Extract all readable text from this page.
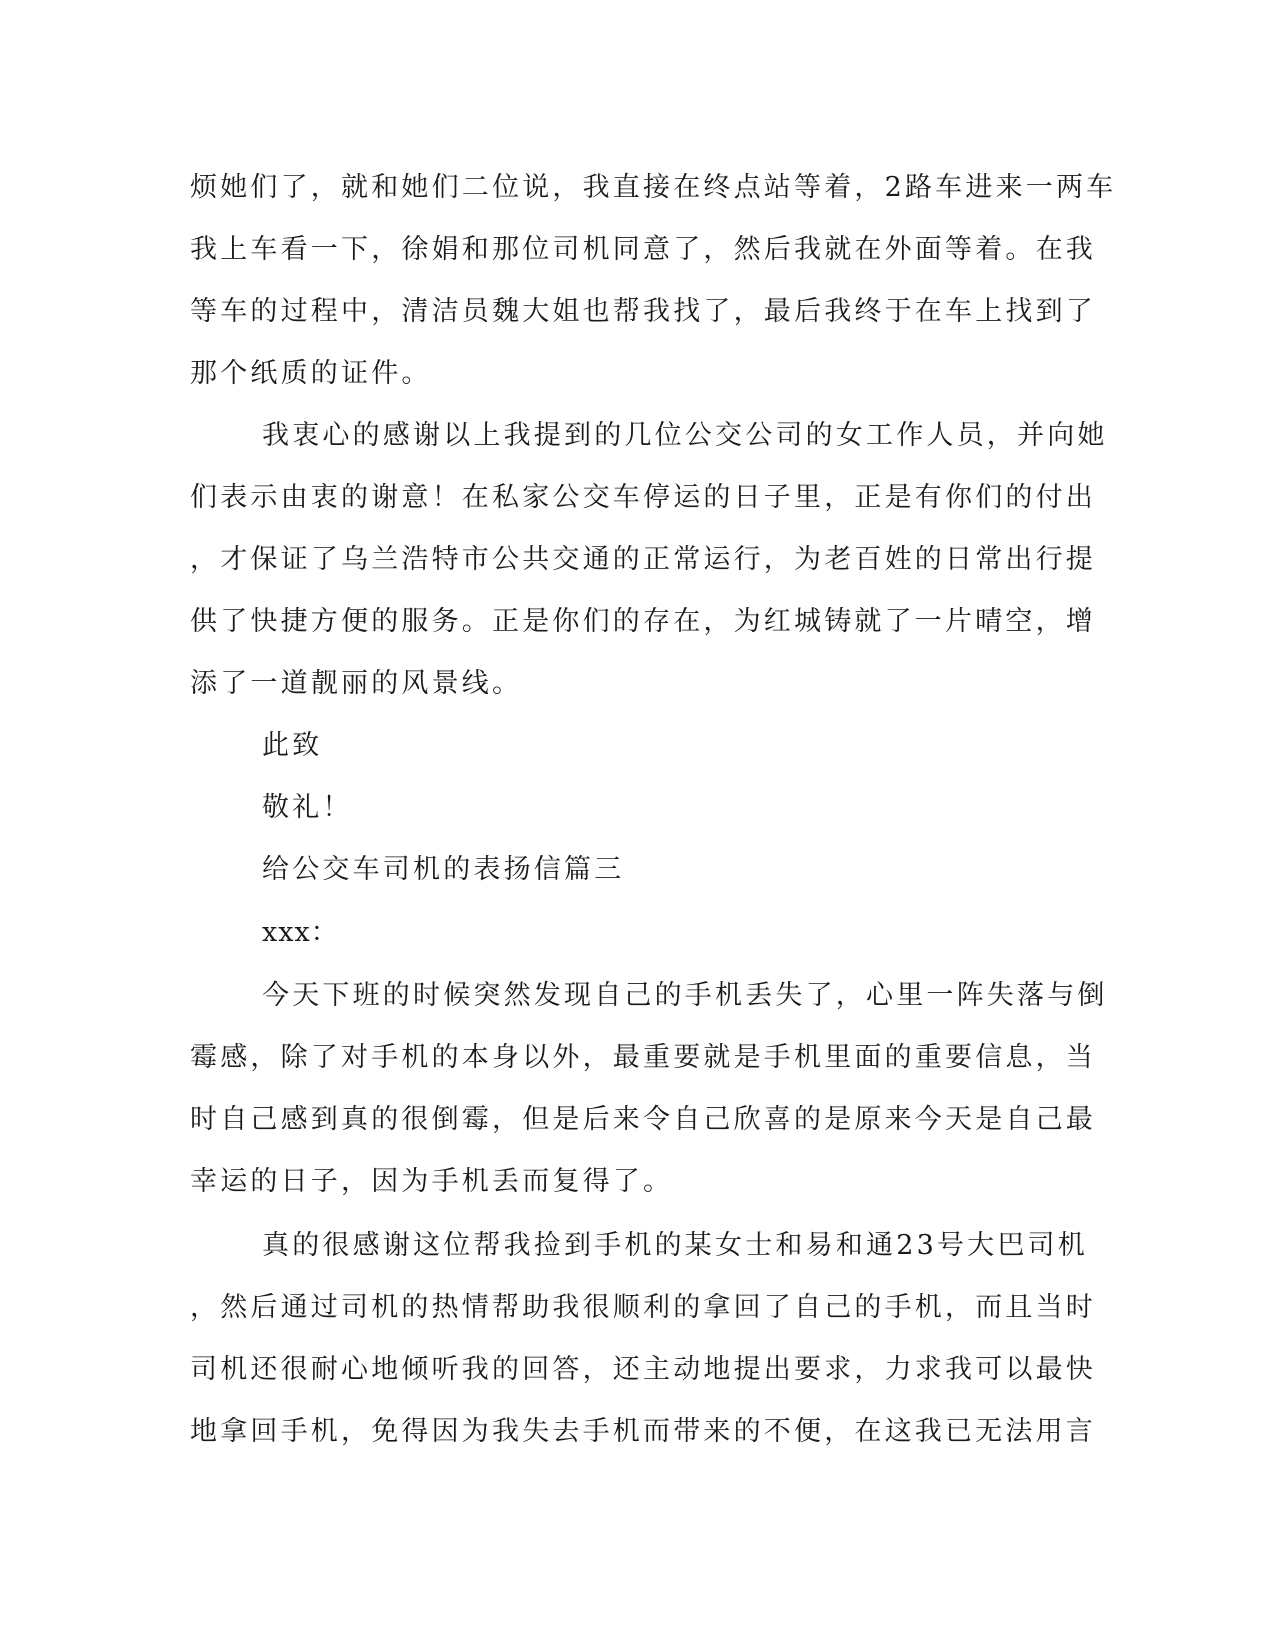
烦她们了，就和她们二位说，我直接在终点站等着，2路车进来一两车
我上车看一下，徐娟和那位司机同意了，然后我就在外面等着。在我
等车的过程中，清洁员魏大姐也帮我找了，最后我终于在车上找到了
那个纸质的证件。
我衷心的感谢以上我提到的几位公交公司的女工作人员，并向她
们表示由衷的谢意！在私家公交车停运的日子里，正是有你们的付出
，才保证了乌兰浩特市公共交通的正常运行，为老百姓的日常出行提
供了快捷方便的服务。正是你们的存在，为红城铸就了一片晴空，增
添了一道靓丽的风景线。
此致
敬礼！
给公交车司机的表扬信篇三
xxx：
今天下班的时候突然发现自己的手机丢失了，心里一阵失落与倒
霉感，除了对手机的本身以外，最重要就是手机里面的重要信息，当
时自己感到真的很倒霉，但是后来令自己欣喜的是原来今天是自己最
幸运的日子，因为手机丢而复得了。
真的很感谢这位帮我捡到手机的某女士和易和通23号大巴司机
，然后通过司机的热情帮助我很顺利的拿回了自己的手机，而且当时
司机还很耐心地倾听我的回答，还主动地提出要求，力求我可以最快
地拿回手机，免得因为我失去手机而带来的不便，在这我已无法用言
